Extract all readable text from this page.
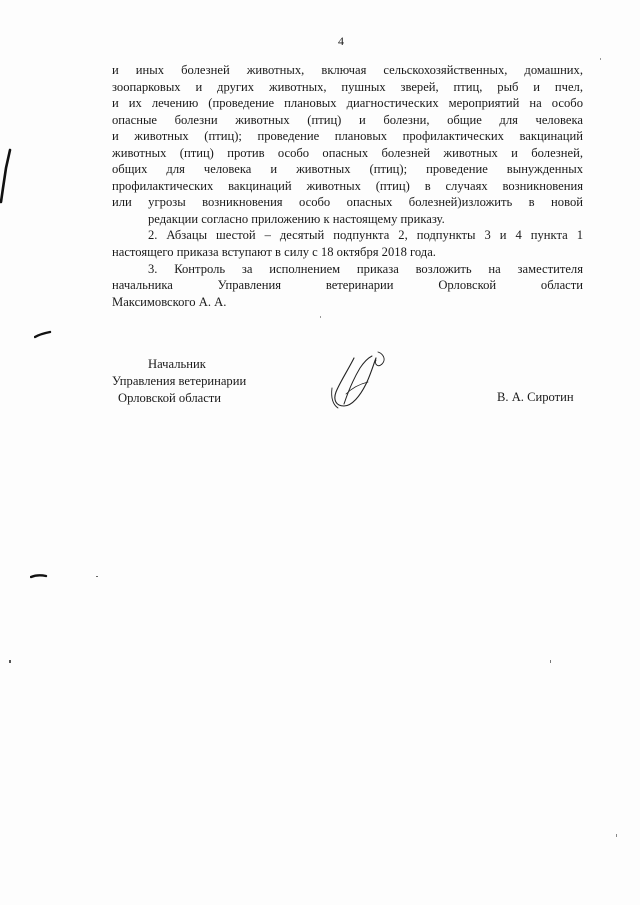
4

и иных болезней животных, включая сельскохозяйственных, домашних,
зоопарковых и других животных, пушных зверей, птиц, рыб и пчел,
и их лечению (проведение плановых диагностических мероприятий на особо
опасные болезни животных (птиц) и болезни, общие для человека
и животных (птиц); проведение плановых профилактических вакцинаций
животных (птиц) против особо опасных болезней животных и болезней,
общих для человека и животных (птиц); проведение вынужденных
профилактических вакцинаций животных (птиц) в случаях возникновения
или угрозы возникновения особо опасных болезней)изложить в новой
редакции согласно приложению к настоящему приказу.

2. Абзацы шестой – десятый подпункта 2, подпункты 3 и 4 пункта 1
настоящего приказа вступают в силу с 18 октября 2018 года.

3. Контроль за исполнением приказа возложить на заместителя
начальника Управления ветеринарии Орловской области
Максимовского А. А.

Начальник
Управления ветеринарии
Орловской области	В. А. Сиротин
